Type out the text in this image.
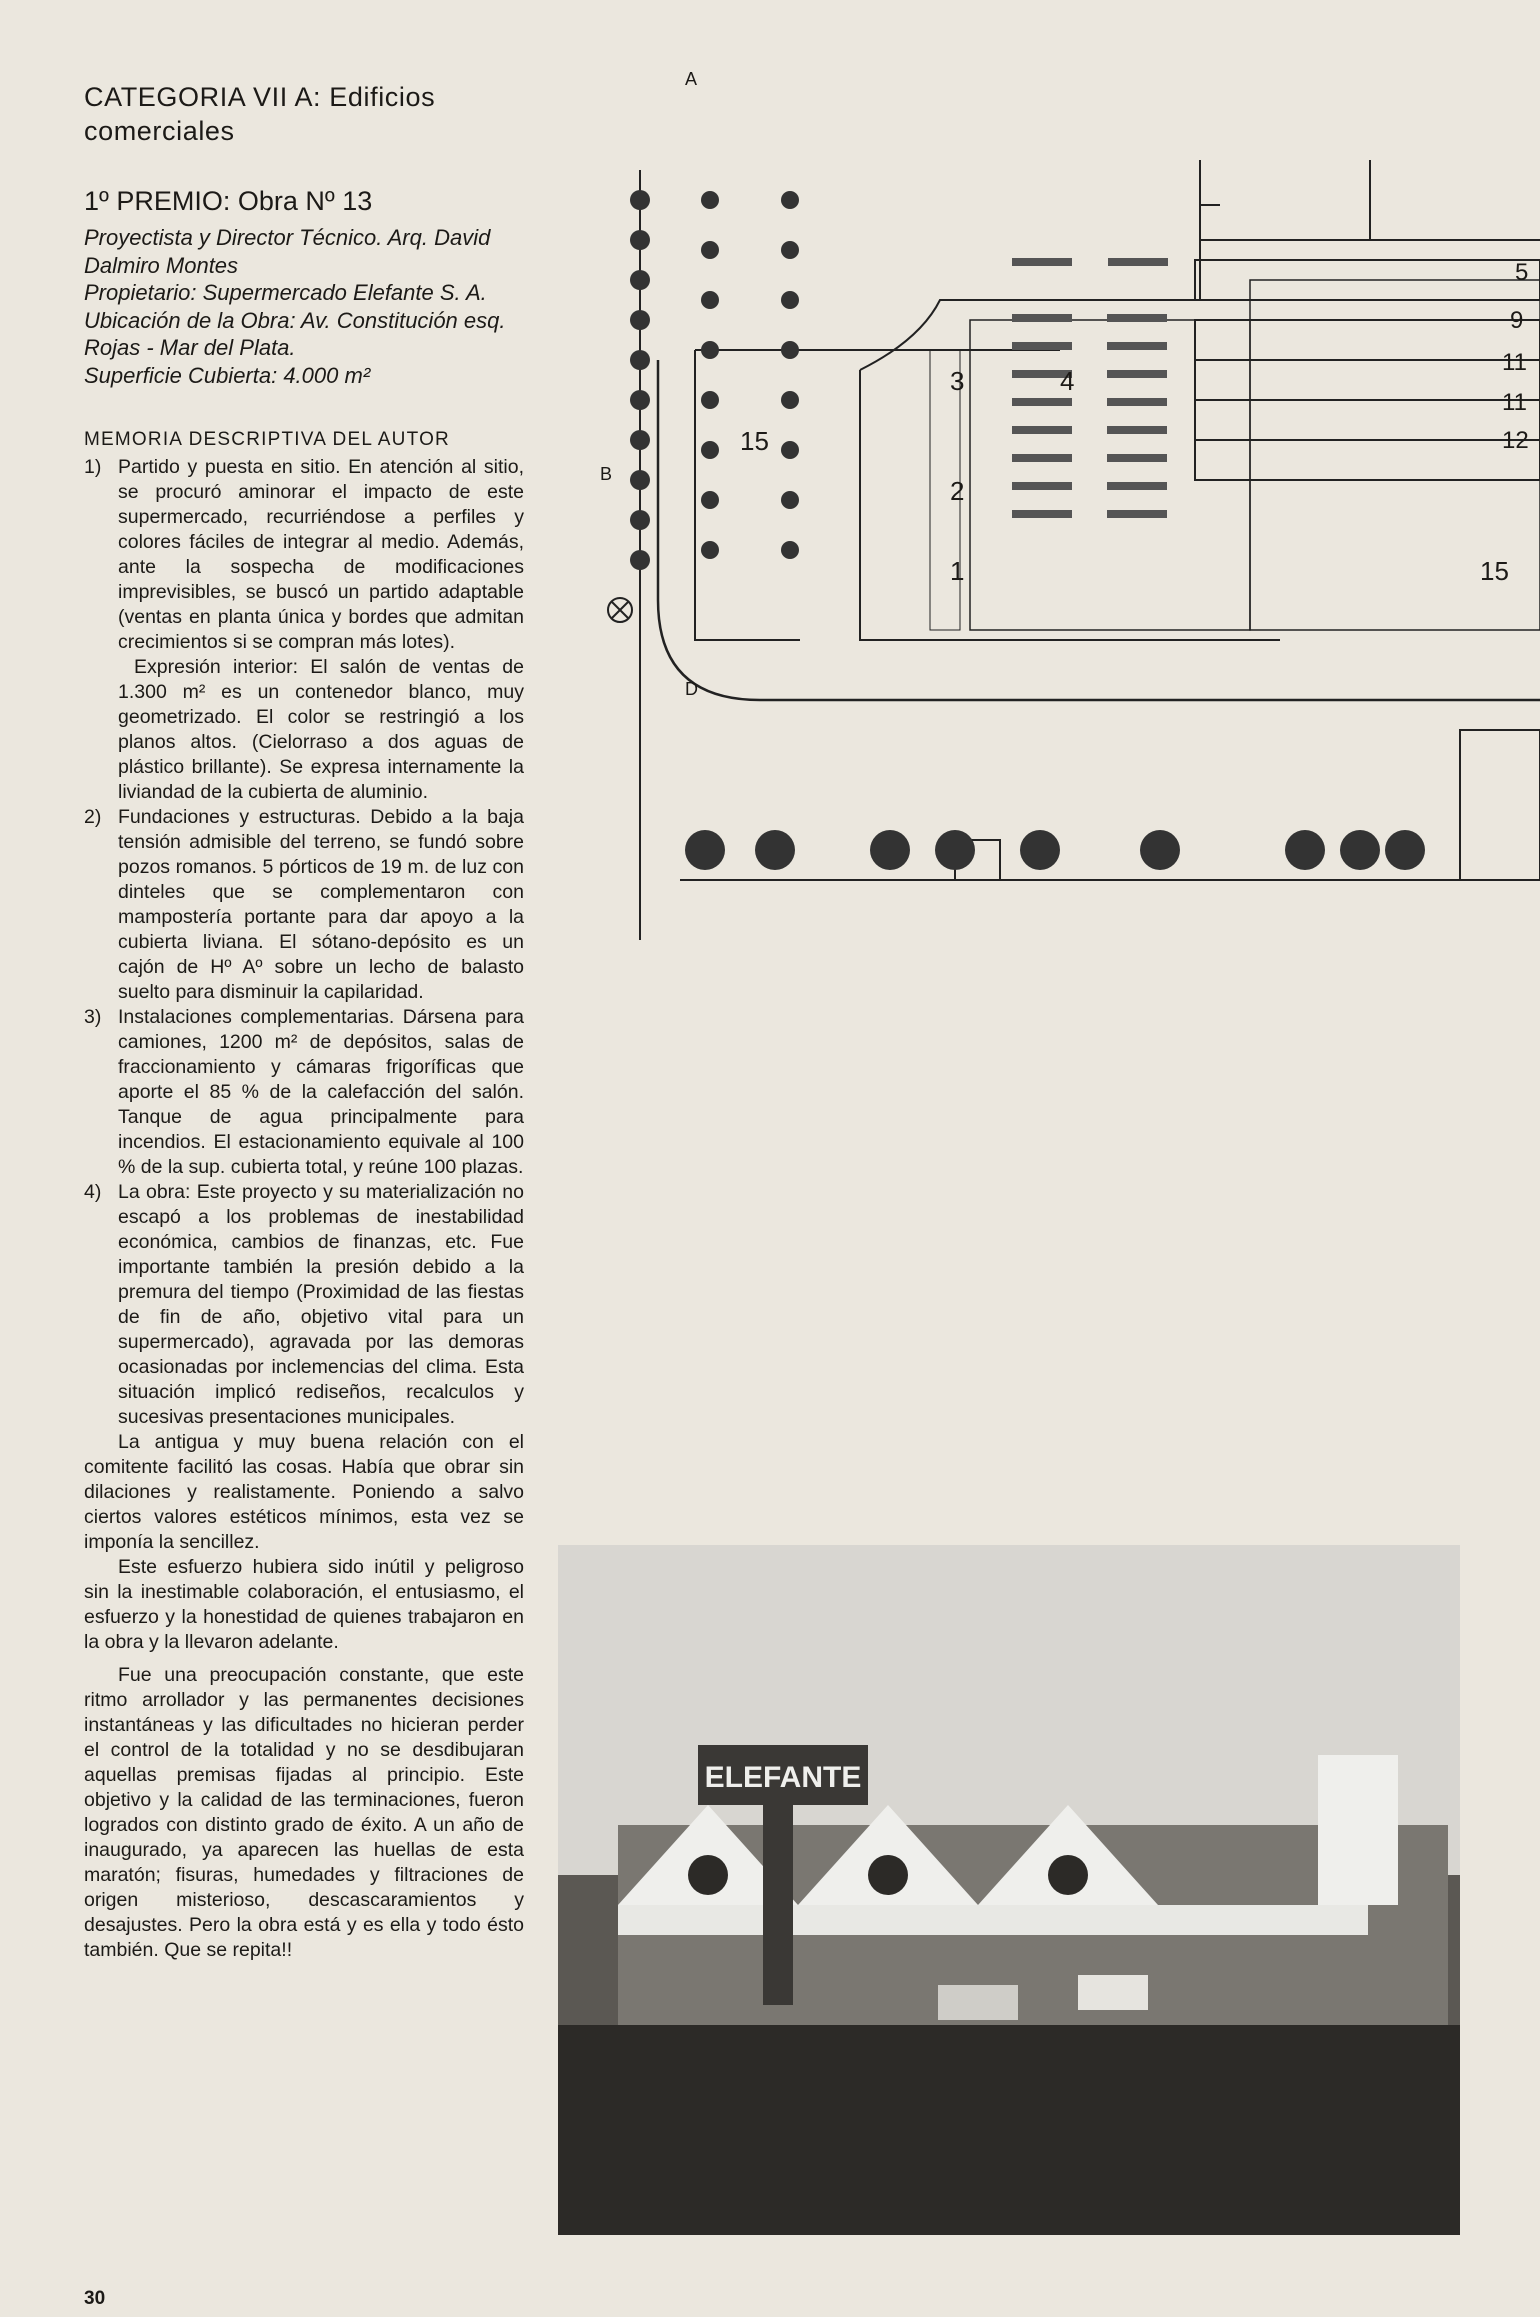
CATEGORIA VII A: Edificios comerciales
1º PREMIO: Obra Nº 13

Proyectista y Director Técnico. Arq. David Dalmiro Montes

Propietario: Supermercado Elefante S. A.

Ubicación de la Obra: Av. Constitución esq. Rojas - Mar del Plata.

Superficie Cubierta: 4.000 m²

MEMORIA DESCRIPTIVA DEL AUTOR
1) Partido y puesta en sitio. En atención al sitio, se procuró aminorar el impacto de este supermercado, recurriéndose a perfiles y colores fáciles de integrar al medio. Además, ante la sospecha de modificaciones imprevisibles, se buscó un partido adaptable (ventas en planta única y bordes que admitan crecimientos si se compran más lotes).

Expresión interior: El salón de ventas de 1.300 m² es un contenedor blanco, muy geometrizado. El color se restringió a los planos altos. (Cielorraso a dos aguas de plástico brillante). Se expresa internamente la liviandad de la cubierta de aluminio.

2) Fundaciones y estructuras. Debido a la baja tensión admisible del terreno, se fundó sobre pozos romanos. 5 pórticos de 19 m. de luz con dinteles que se complementaron con mampostería portante para dar apoyo a la cubierta liviana. El sótano-depósito es un cajón de Hº Aº sobre un lecho de balasto suelto para disminuir la capilaridad.
3) Instalaciones complementarias. Dársena para camiones, 1200 m² de depósitos, salas de fraccionamiento y cámaras frigoríficas que aporte el 85 % de la calefacción del salón. Tanque de agua principalmente para incendios. El estacionamiento equivale al 100 % de la sup. cubierta total, y reúne 100 plazas.
4) La obra: Este proyecto y su materialización no escapó a los problemas de inestabilidad económica, cambios de finanzas, etc. Fue importante también la presión debido a la premura del tiempo (Proximidad de las fiestas de fin de año, objetivo vital para un supermercado), agravada por las demoras ocasionadas por inclemencias del clima. Esta situación implicó rediseños, recalculos y sucesivas presentaciones municipales.

La antigua y muy buena relación con el comitente facilitó las cosas. Había que obrar sin dilaciones y realistamente. Poniendo a salvo ciertos valores estéticos mínimos, esta vez se imponía la sencillez.

Este esfuerzo hubiera sido inútil y peligroso sin la inestimable colaboración, el entusiasmo, el esfuerzo y la honestidad de quienes trabajaron en la obra y la llevaron adelante.

Fue una preocupación constante, que este ritmo arrollador y las permanentes decisiones instantáneas y las dificultades no hicieran perder el control de la totalidad y no se desdibujaran aquellas premisas fijadas al principio. Este objetivo y la calidad de las terminaciones, fueron logrados con distinto grado de éxito. A un año de inaugurado, ya aparecen las huellas de esta maratón; fisuras, humedades y filtraciones de origen misterioso, descascaramientos y desajustes. Pero la obra está y es ella y todo ésto también. Que se repita!!

A
B
D
5
9
11
11
12
4
3
2
1
15
15
ELEFANTE
30
